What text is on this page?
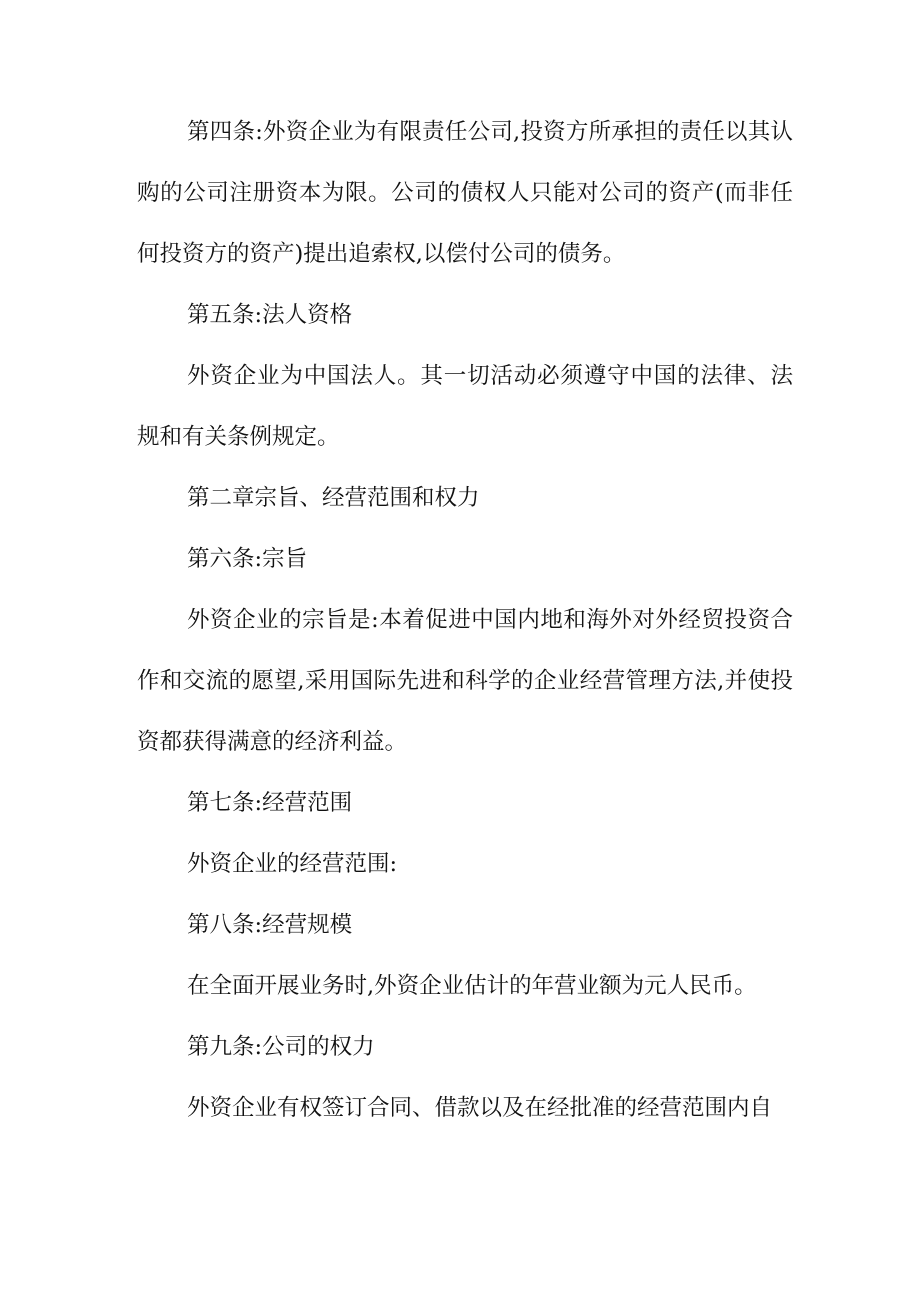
第四条:外资企业为有限责任公司,投资方所承担的责任以其认购的公司注册资本为限。公司的债权人只能对公司的资产(而非任何投资方的资产)提出追索权,以偿付公司的债务。

第五条:法人资格

外资企业为中国法人。其一切活动必须遵守中国的法律、法规和有关条例规定。

第二章宗旨、经营范围和权力

第六条:宗旨

外资企业的宗旨是:本着促进中国内地和海外对外经贸投资合作和交流的愿望,采用国际先进和科学的企业经营管理方法,并使投资都获得满意的经济利益。

第七条:经营范围

外资企业的经营范围:

第八条:经营规模

在全面开展业务时,外资企业估计的年营业额为元人民币。

第九条:公司的权力

外资企业有权签订合同、借款以及在经批准的经营范围内自
